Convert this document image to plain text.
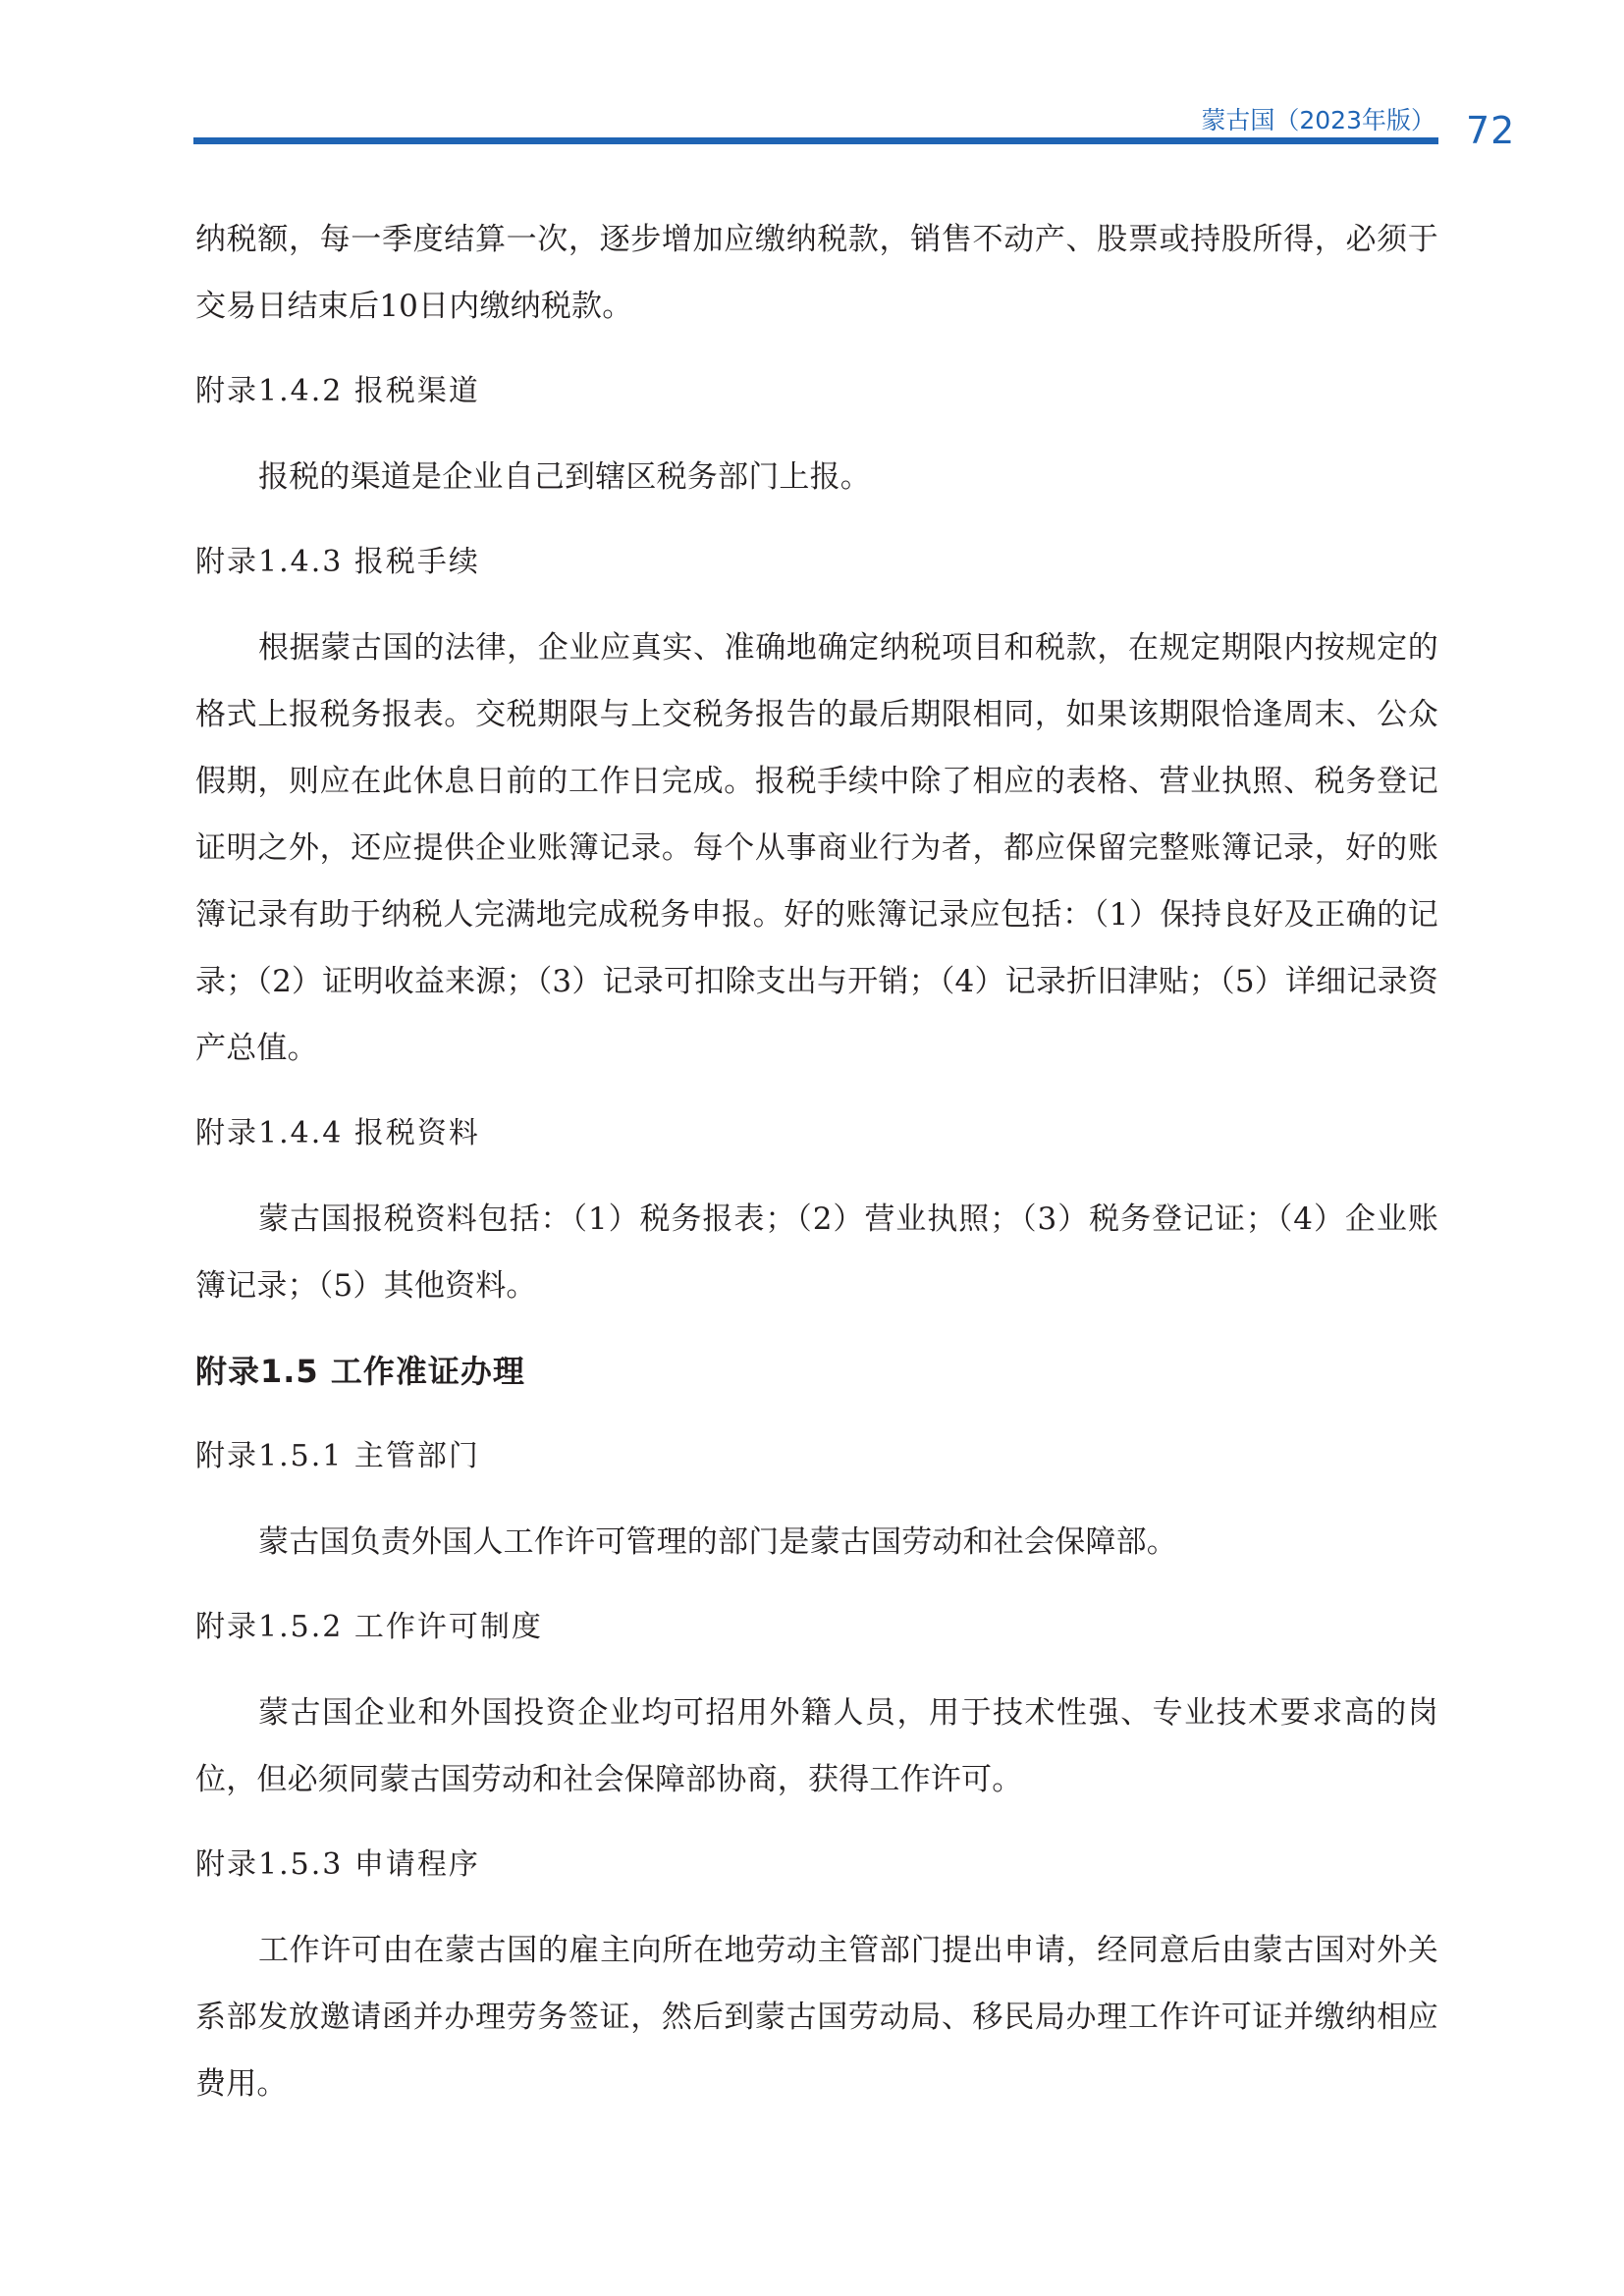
蒙古国（2023年版） 72

纳税额，每一季度结算一次，逐步增加应缴纳税款，销售不动产、股票或持股所得，必须于交易日结束后10日内缴纳税款。

附录1.4.2 报税渠道

报税的渠道是企业自己到辖区税务部门上报。

附录1.4.3 报税手续

根据蒙古国的法律，企业应真实、准确地确定纳税项目和税款，在规定期限内按规定的格式上报税务报表。交税期限与上交税务报告的最后期限相同，如果该期限恰逢周末、公众假期，则应在此休息日前的工作日完成。报税手续中除了相应的表格、营业执照、税务登记证明之外，还应提供企业账簿记录。每个从事商业行为者，都应保留完整账簿记录，好的账簿记录有助于纳税人完满地完成税务申报。好的账簿记录应包括：（1）保持良好及正确的记录；（2）证明收益来源；（3）记录可扣除支出与开销；（4）记录折旧津贴；（5）详细记录资产总值。

附录1.4.4 报税资料

蒙古国报税资料包括：（1）税务报表；（2）营业执照；（3）税务登记证；（4）企业账簿记录；（5）其他资料。

附录1.5 工作准证办理
附录1.5.1 主管部门

蒙古国负责外国人工作许可管理的部门是蒙古国劳动和社会保障部。

附录1.5.2 工作许可制度

蒙古国企业和外国投资企业均可招用外籍人员，用于技术性强、专业技术要求高的岗位，但必须同蒙古国劳动和社会保障部协商，获得工作许可。

附录1.5.3 申请程序

工作许可由在蒙古国的雇主向所在地劳动主管部门提出申请，经同意后由蒙古国对外关系部发放邀请函并办理劳务签证，然后到蒙古国劳动局、移民局办理工作许可证并缴纳相应费用。
